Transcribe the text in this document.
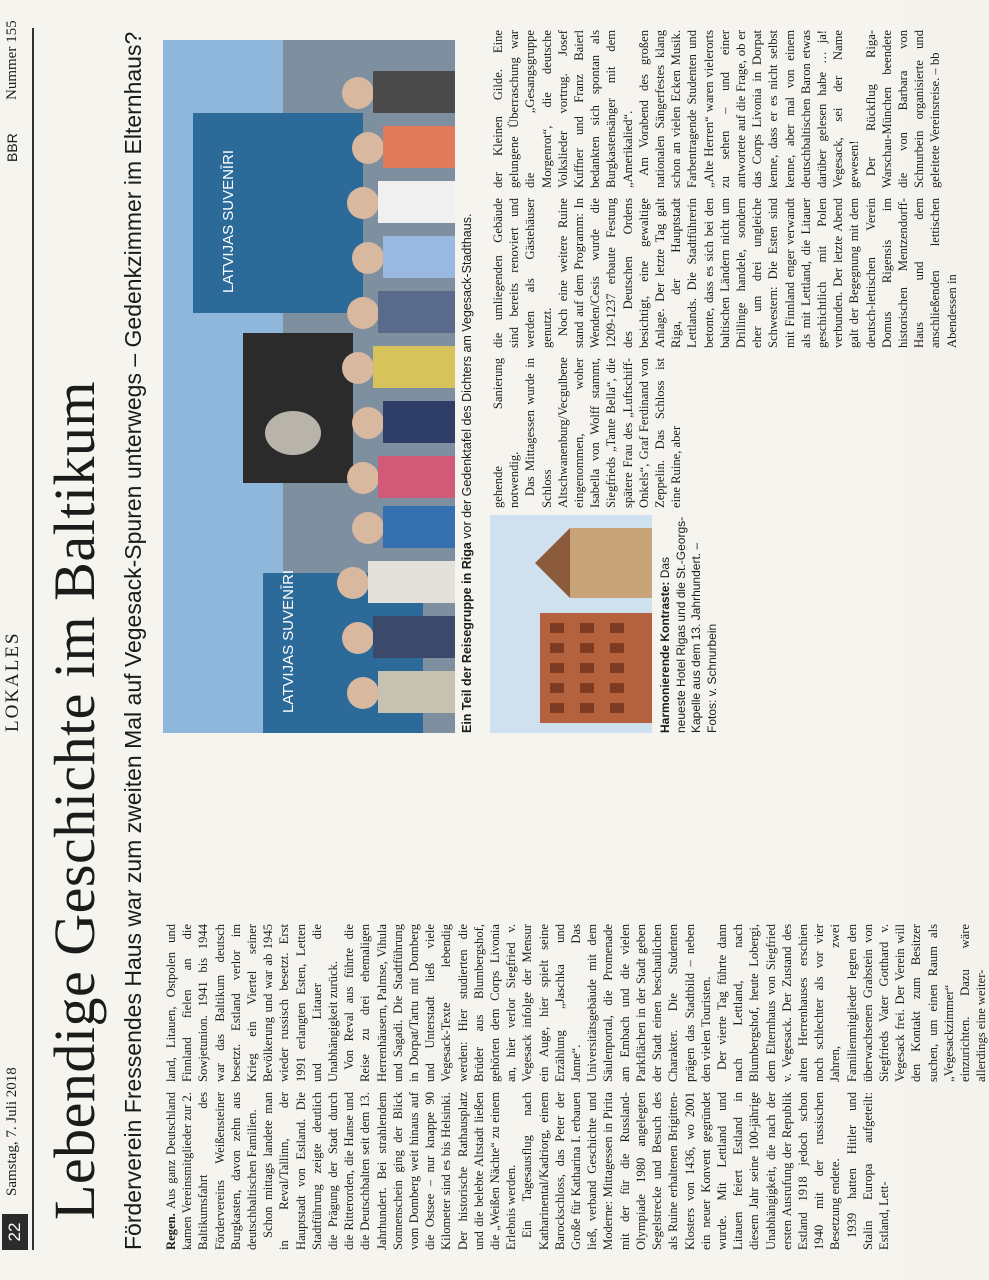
22
Samstag, 7. Juli 2018
LOKALES
BBR
Nummer 155
Lebendige Geschichte im Baltikum Förderverein Fressendes Haus war zum zweiten Mal auf Vegesack-Spuren unterwegs – Gedenkzimmer im Elternhaus? Regen. Aus ganz Deutschland kamen Vereinsmitglieder zur 2. Baltikumsfahrt des Fördervereins Weißensteiner Burgkasten, davon zehn aus deutschbaltischen Familien. Schon mittags landete man in Reval/Tallinn, der Hauptstadt von Estland. Die Stadtführung zeigte deutlich die Prägung der Stadt durch die Ritterorden, die Hanse und die Deutschbalten seit dem 13. Jahrhundert. Bei strahlendem Sonnenschein ging der Blick vom Domberg weit hinaus auf die Ostsee – nur knappe 90 Kilometer sind es bis Helsinki. Der historische Rathausplatz und die belebte Altstadt ließen die „Weißen Nächte“ zu einem Erlebnis werden. Ein Tagesausflug nach Katharinental/Kadriorg, einem Barockschloss, das Peter der Große für Katharina I. erbauen ließ, verband Geschichte und Moderne: Mittagessen in Pirita mit der für die Russland-Olympiade 1980 angelegten Segelstrecke und Besuch des als Ruine erhaltenen Brigitten-Klosters von 1436, wo 2001 ein neuer Konvent gegründet wurde. Mit Lettland und Litauen feiert Estland in diesem Jahr seine 100-jährige Unabhängigkeit, die nach der ersten Ausrufung der Republik Estland 1918 jedoch schon 1940 mit der russischen Besetzung endete. 1939 hatten Hitler und Stalin Europa aufgeteilt: Estland, Lett-

land, Litauen, Ostpolen und Finnland fielen an die Sowjetunion. 1941 bis 1944 war das Baltikum deutsch besetzt. Estland verlor im Krieg ein Viertel seiner Bevölkerung und war ab 1945 wieder russisch besetzt. Erst 1991 erlangten Esten, Letten und Litauer die Unabhängigkeit zurück. Von Reval aus führte die Reise zu drei ehemaligen Herrenhäusern, Palmse, Vihula und Sagadi. Die Stadtführung in Dorpat/Tartu mit Domberg und Unterstadt ließ viele Vegesack-Texte lebendig werden: Hier studierten die Brüder aus Blumbergshof, gehörten dem Corps Livonia an, hier verlor Siegfried v. Vegesack infolge der Mensur ein Auge, hier spielt seine Erzählung „Jaschka und Janne“. Das Universitätsgebäude mit dem Säulenportal, die Promenade am Embach und die vielen Parkflächen in der Stadt geben der Stadt einen beschaulichen Charakter. Die Studenten prägen das Stadtbild – neben den vielen Touristen. Der vierte Tag führte dann nach Lettland, nach Blumbergshof, heute Lobergi, dem Elternhaus von Siegfried v. Vegesack. Der Zustand des alten Herrenhauses erschien noch schlechter als vor vier Jahren, zwei Familienmitglieder legten den überwachsenen Grabstein von Siegfrieds Vater Gotthard v. Vegesack frei. Der Verein will den Kontakt zum Besitzer suchen, um einen Raum als „Vegesackzimmer“ einzurichten. Dazu wäre allerdings eine weiter-

gehende Sanierung notwendig. Das Mittagessen wurde in Schloss Altschwanenburg/Vecgulbene eingenommen, woher Isabella von Wolff stammt, Siegfrieds „Tante Bella“, die spätere Frau des „Luftschiff-Onkels“, Graf Ferdinand von Zeppelin. Das Schloss ist eine Ruine, aber

die umliegenden Gebäude sind bereits renoviert und werden als Gästehäuser genutzt. Noch eine weitere Ruine stand auf dem Programm: In Wenden/Cesis wurde die 1209-1237 erbaute Festung des Deutschen Ordens besichtigt, eine gewaltige Anlage. Der letzte Tag galt Riga, der Hauptstadt Lettlands. Die Stadtführerin betonte, dass es sich bei den baltischen Ländern nicht um Drillinge handele, sondern eher um drei ungleiche Schwestern: Die Esten sind mit Finnland enger verwandt als mit Lettland, die Litauer geschichtlich mit Polen verbunden. Der letzte Abend galt der Begegnung mit dem deutsch-lettischen Verein Domus Rigensis im historischen Mentzendorff-Haus und dem anschließenden lettischen Abendessen in

der Kleinen Gilde. Eine gelungene Überraschung war die „Gesangsgruppe Morgenrot“, die deutsche Volkslieder vortrug. Josef Kuffner und Franz Baierl bedankten sich spontan als Burgkastensänger mit dem „Amerikalied“. Am Vorabend des großen nationalen Sängerfestes klang schon an vielen Ecken Musik. Farbentragende Studenten und „Alte Herren“ waren vielerorts zu sehen – und einer antwortete auf die Frage, ob er das Corps Livonia in Dorpat kenne, dass er es nicht selbst kenne, aber mal von einem deutschbaltischen Baron etwas darüber gelesen habe … ja! Vegesack, sei der Name gewesen! Der Rückflug Riga-Warschau-München beendete die von Barbara von Schnurbein organisierte und geleitete Vereinsreise. – bb

LATVIJAS SUVENĪRI
LATVIJAS SUVENĪRI
Ein Teil der Reisegruppe in Riga vor der Gedenktafel des Dichters am Vegesack-Stadthaus.
Harmonierende Kontraste: Das neueste Hotel Rigas und die St.-Georgs-Kapelle aus dem 13. Jahrhundert. – Fotos: v. Schnurbein
